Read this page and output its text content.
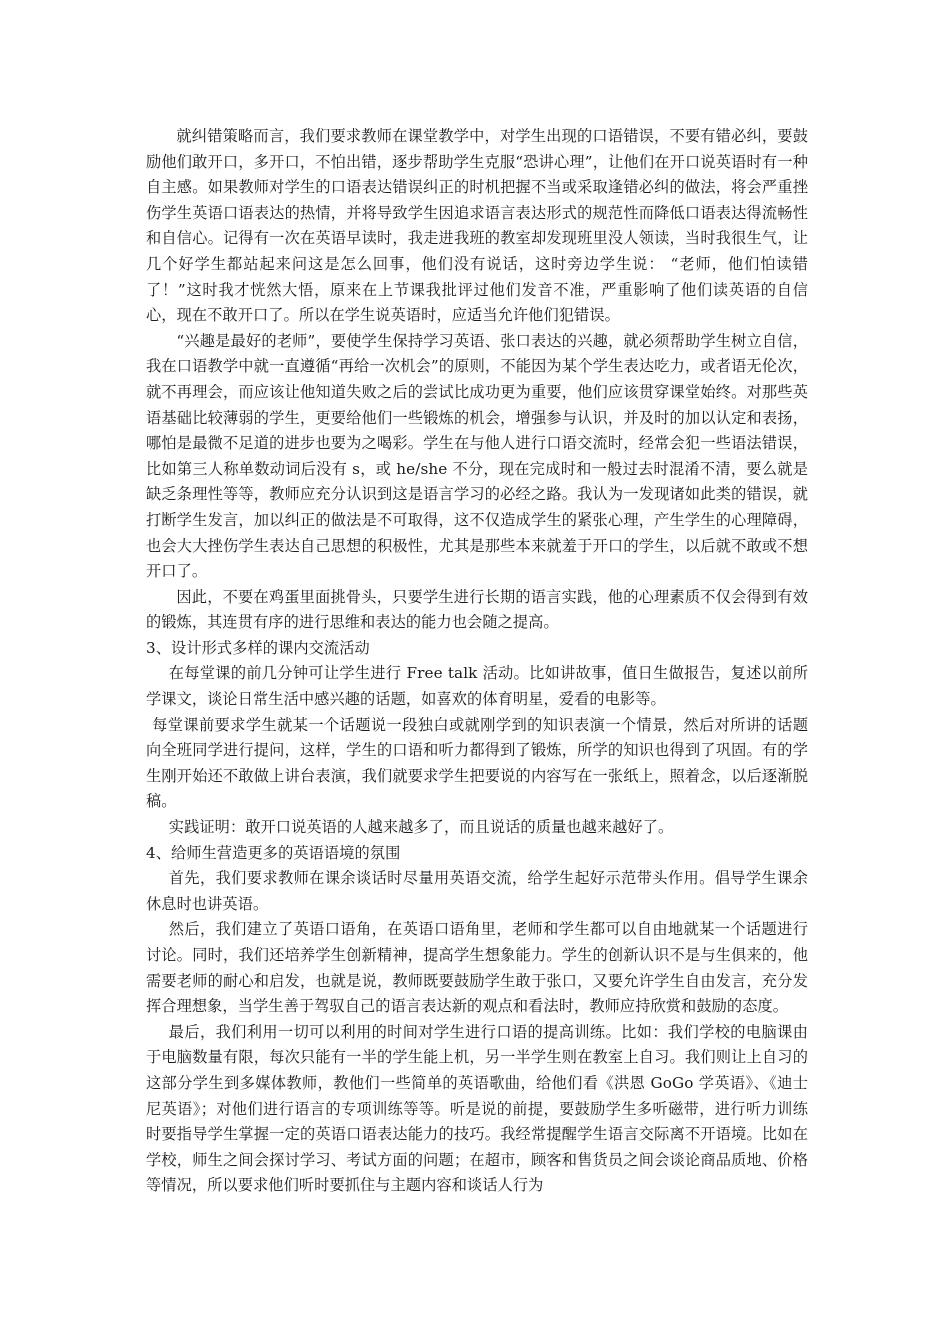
就纠错策略而言，我们要求教师在课堂教学中，对学生出现的口语错误，不要有错必纠，要鼓励他们敢开口，多开口，不怕出错，逐步帮助学生克服“恐讲心理”，让他们在开口说英语时有一种自主感。如果教师对学生的口语表达错误纠正的时机把握不当或采取逢错必纠的做法，将会严重挫伤学生英语口语表达的热情，并将导致学生因追求语言表达形式的规范性而降低口语表达得流畅性和自信心。记得有一次在英语早读时，我走进我班的教室却发现班里没人领读，当时我很生气，让几个好学生都站起来问这是怎么回事，他们没有说话，这时旁边学生说： “老师，他们怕读错了！”这时我才恍然大悟，原来在上节课我批评过他们发音不准，严重影响了他们读英语的自信心，现在不敢开口了。所以在学生说英语时，应适当允许他们犯错误。

“兴趣是最好的老师”，要使学生保持学习英语、张口表达的兴趣，就必须帮助学生树立自信，我在口语教学中就一直遵循“再给一次机会”的原则，不能因为某个学生表达吃力，或者语无伦次，就不再理会，而应该让他知道失败之后的尝试比成功更为重要，他们应该贯穿课堂始终。对那些英语基础比较薄弱的学生，更要给他们一些锻炼的机会，增强参与认识，并及时的加以认定和表扬，哪怕是最微不足道的进步也要为之喝彩。学生在与他人进行口语交流时，经常会犯一些语法错误，比如第三人称单数动词后没有 s，或 he/she 不分，现在完成时和一般过去时混淆不清，要么就是缺乏条理性等等，教师应充分认识到这是语言学习的必经之路。我认为一发现诸如此类的错误，就打断学生发言，加以纠正的做法是不可取得，这不仅造成学生的紧张心理，产生学生的心理障碍，也会大大挫伤学生表达自己思想的积极性，尤其是那些本来就羞于开口的学生，以后就不敢或不想开口了。

因此，不要在鸡蛋里面挑骨头，只要学生进行长期的语言实践，他的心理素质不仅会得到有效的锻炼，其连贯有序的进行思维和表达的能力也会随之提高。

3、设计形式多样的课内交流活动

在每堂课的前几分钟可让学生进行 Free talk 活动。比如讲故事，值日生做报告，复述以前所学课文，谈论日常生活中感兴趣的话题，如喜欢的体育明星，爱看的电影等。

每堂课前要求学生就某一个话题说一段独白或就刚学到的知识表演一个情景，然后对所讲的话题向全班同学进行提问，这样，学生的口语和听力都得到了锻炼，所学的知识也得到了巩固。有的学生刚开始还不敢做上讲台表演，我们就要求学生把要说的内容写在一张纸上，照着念，以后逐渐脱稿。

实践证明：敢开口说英语的人越来越多了，而且说话的质量也越来越好了。

4、给师生营造更多的英语语境的氛围

首先，我们要求教师在课余谈话时尽量用英语交流，给学生起好示范带头作用。倡导学生课余休息时也讲英语。

然后，我们建立了英语口语角，在英语口语角里，老师和学生都可以自由地就某一个话题进行讨论。同时，我们还培养学生创新精神，提高学生想象能力。学生的创新认识不是与生俱来的，他需要老师的耐心和启发，也就是说，教师既要鼓励学生敢于张口，又要允许学生自由发言，充分发挥合理想象，当学生善于驾驭自己的语言表达新的观点和看法时，教师应持欣赏和鼓励的态度。

最后，我们利用一切可以利用的时间对学生进行口语的提高训练。比如：我们学校的电脑课由于电脑数量有限，每次只能有一半的学生能上机，另一半学生则在教室上自习。我们则让上自习的这部分学生到多媒体教师，教他们一些简单的英语歌曲，给他们看《洪恩 GoGo 学英语》、《迪士尼英语》；对他们进行语言的专项训练等等。听是说的前提，要鼓励学生多听磁带，进行听力训练时要指导学生掌握一定的英语口语表达能力的技巧。我经常提醒学生语言交际离不开语境。比如在学校，师生之间会探讨学习、考试方面的问题；在超市，顾客和售货员之间会谈论商品质地、价格等情况，所以要求他们听时要抓住与主题内容和谈话人行为
